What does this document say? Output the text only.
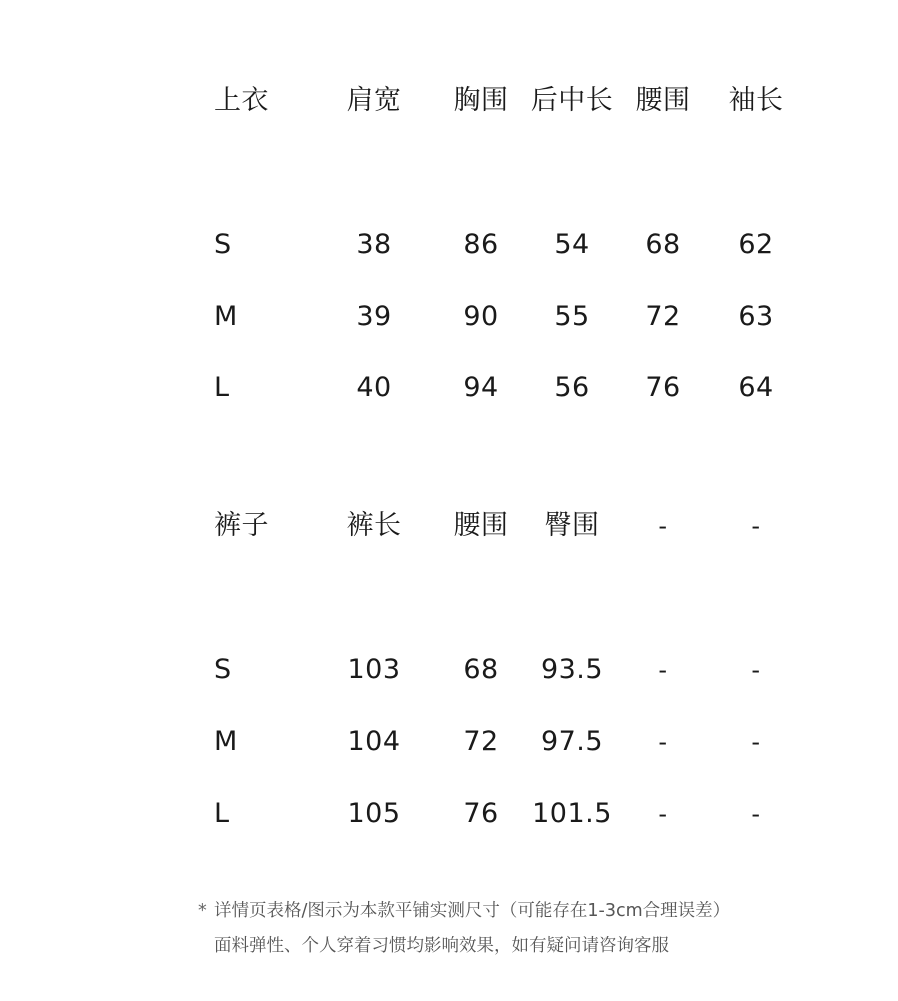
上衣	肩宽 胸围 后中长 腰围 袖长
S	38	86 54 68 62
M	39	90 55 72 63
L	40	94 56 76 64
裤子	裤长 腰围 臀围 -	-
S	103 68 93.5 -	-
M	104 72 97.5 -	-
L	105 76 101.5 -	-
* 详情页表格/图示为本款平铺实测尺寸（可能存在1-3cm合理误差）
面料弹性、个人穿着习惯均影响效果，如有疑问请咨询客服
